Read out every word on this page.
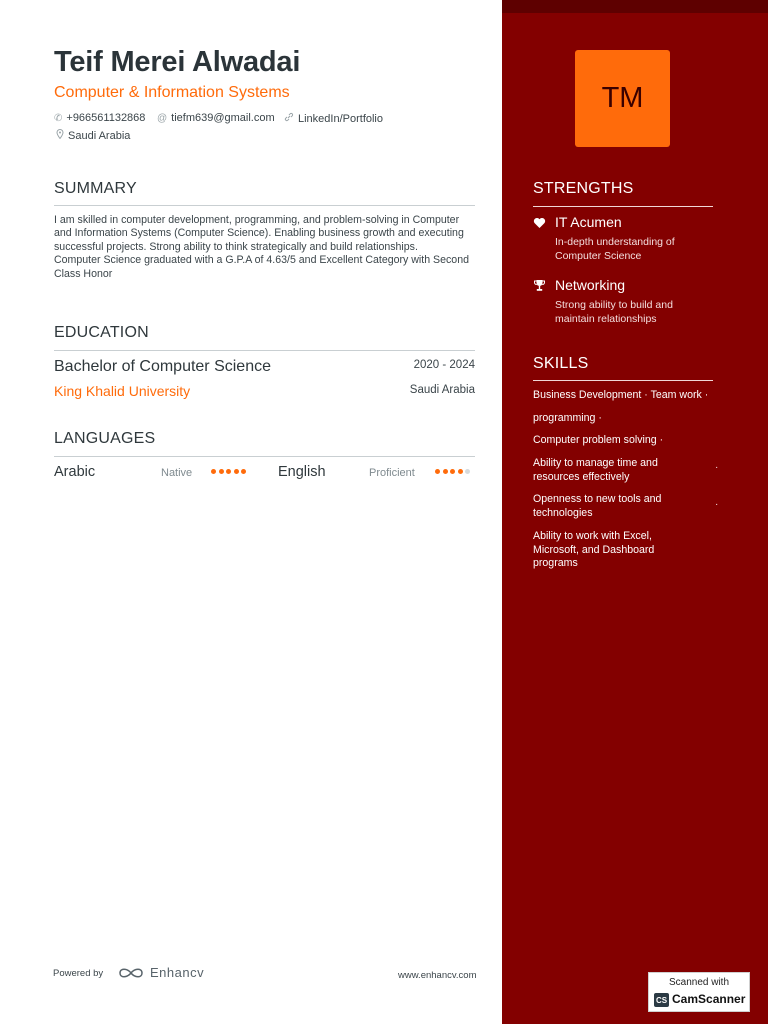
Teif Merei Alwadai
Computer & Information Systems
✆ +966561132868 @ tiefm639@gmail.com LinkedIn/Portfolio
Saudi Arabia
SUMMARY

I am skilled in computer development, programming, and problem-solving in Computer and Information Systems (Computer Science). Enabling business growth and executing successful projects. Strong ability to think strategically and build relationships.

Computer Science graduated with a G.P.A of 4.63/5 and Excellent Category with Second Class Honor

EDUCATION
Bachelor of Computer Science	2020 - 2024
King Khalid University	Saudi Arabia
LANGUAGES
Arabic	Native	English	Proficient
Powered by	Enhancv	www.enhancv.com
TM
STRENGTHS
IT Acumen
In-depth understanding of Computer Science
Networking
Strong ability to build and maintain relationships
SKILLS
Business Development · Team work ·
programming ·
Computer problem solving ·
Ability to manage time and resources effectively
·
Openness to new tools and technologies
·
Ability to work with Excel, Microsoft, and Dashboard programs
Scanned with
CS CamScanner
